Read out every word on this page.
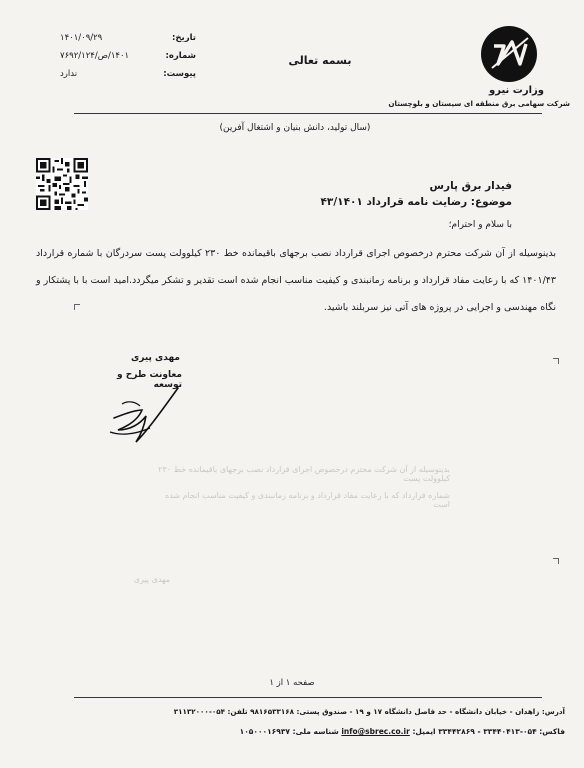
وزارت نیرو
شرکت سهامی برق منطقه ای سیستان و بلوچستان
بسمه تعالی
تاریخ:
۱۴۰۱/۰۹/۲۹
شماره:
۱۴۰۱/ص/۷۶۹۲/۱۲۴
پیوست:
ندارد
(سال تولید، دانش بنیان و اشتغال آفرین)
فیدار برق پارس
موضوع: رضایت نامه قرارداد ۴۳/۱۴۰۱
با سلام و احترام؛
بدینوسیله از آن شرکت محترم درخصوص اجرای قرارداد نصب برجهای باقیمانده خط ۲۳۰ کیلوولت پست سردرگان با شماره قرارداد ۱۴۰۱/۴۳ که با رعایت مفاد قرارداد و برنامه زمانبندی و کیفیت مناسب انجام شده است تقدیر و تشکر میگردد.امید است با با پشتکار و نگاه مهندسی و اجرایی در پروژه های آتی نیز سربلند باشید.
مهدی پیری
معاونت طرح و توسعه
بدینوسیله از آن شرکت محترم درخصوص اجرای قرارداد نصب برجهای باقیمانده خط ۲۳۰ کیلوولت پست
شماره قرارداد که با رعایت مفاد قرارداد و برنامه زمانبندی و کیفیت مناسب انجام شده است
مهدی پیری
صفحه ۱ از ۱
آدرس: زاهدان - خیابان دانشگاه - حد فاصل دانشگاه ۱۷ و ۱۹ - صندوق پستی: ۹۸۱۶۵۳۳۱۶۸ تلفن: ۰۵۴-۳۱۱۳۲۰۰۰
فاکس: ۰۵۴-۳۳۴۴۰۴۱۳ - ۳۳۴۴۲۸۶۹ ایمیل: info@sbrec.co.ir شناسه ملی: ۱۰۵۰۰۰۱۶۹۳۷
